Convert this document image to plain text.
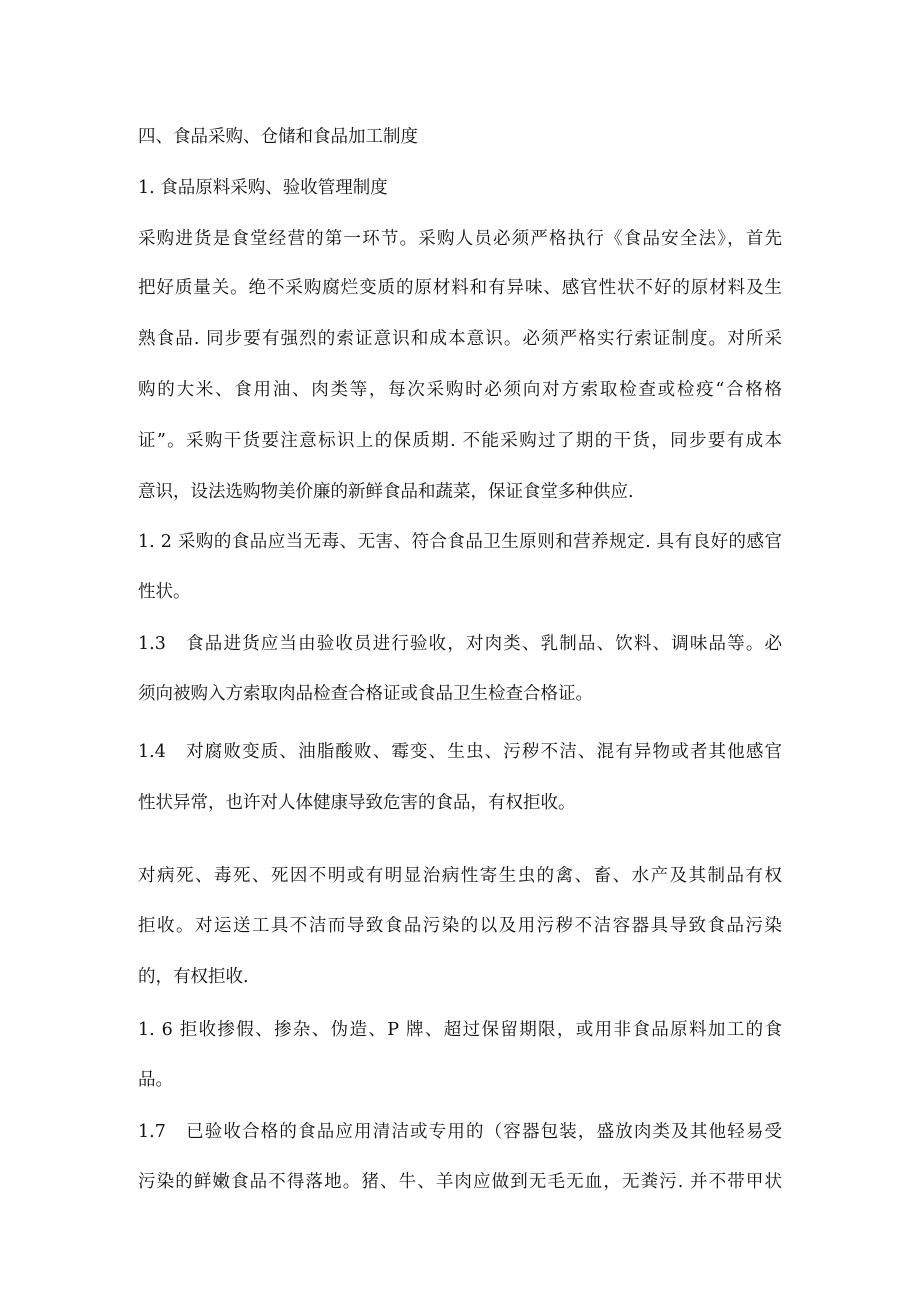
四、食品采购、仓储和食品加工制度
1. 食品原料采购、验收管理制度
采购进货是食堂经营的第一环节。采购人员必须严格执行《食品安全法》，首先
把好质量关。绝不采购腐烂变质的原材料和有异味、感官性状不好的原材料及生
熟食品. 同步要有强烈的索证意识和成本意识。必须严格实行索证制度。对所采
购的大米、食用油、肉类等，每次采购时必须向对方索取检查或检疫“合格格
证”。采购干货要注意标识上的保质期. 不能采购过了期的干货，同步要有成本
意识，设法选购物美价廉的新鲜食品和蔬菜，保证食堂多种供应.
1. 2 采购的食品应当无毒、无害、符合食品卫生原则和营养规定. 具有良好的感官
性状。
1.3 食品进货应当由验收员进行验收，对肉类、乳制品、饮料、调味品等。必
须向被购入方索取肉品检查合格证或食品卫生检查合格证。
1.4 对腐败变质、油脂酸败、霉变、生虫、污秽不洁、混有异物或者其他感官
性状异常，也许对人体健康导致危害的食品，有权拒收。
对病死、毒死、死因不明或有明显治病性寄生虫的禽、畜、水产及其制品有权
拒收。对运送工具不洁而导致食品污染的以及用污秽不洁容器具导致食品污染
的，有权拒收.
1. 6 拒收掺假、掺杂、伪造、P 牌、超过保留期限，或用非食品原料加工的食
品。
1.7 已验收合格的食品应用清洁或专用的（容器包装，盛放肉类及其他轻易受
污染的鲜嫩食品不得落地。猪、牛、羊肉应做到无毛无血，无粪污. 并不带甲状
